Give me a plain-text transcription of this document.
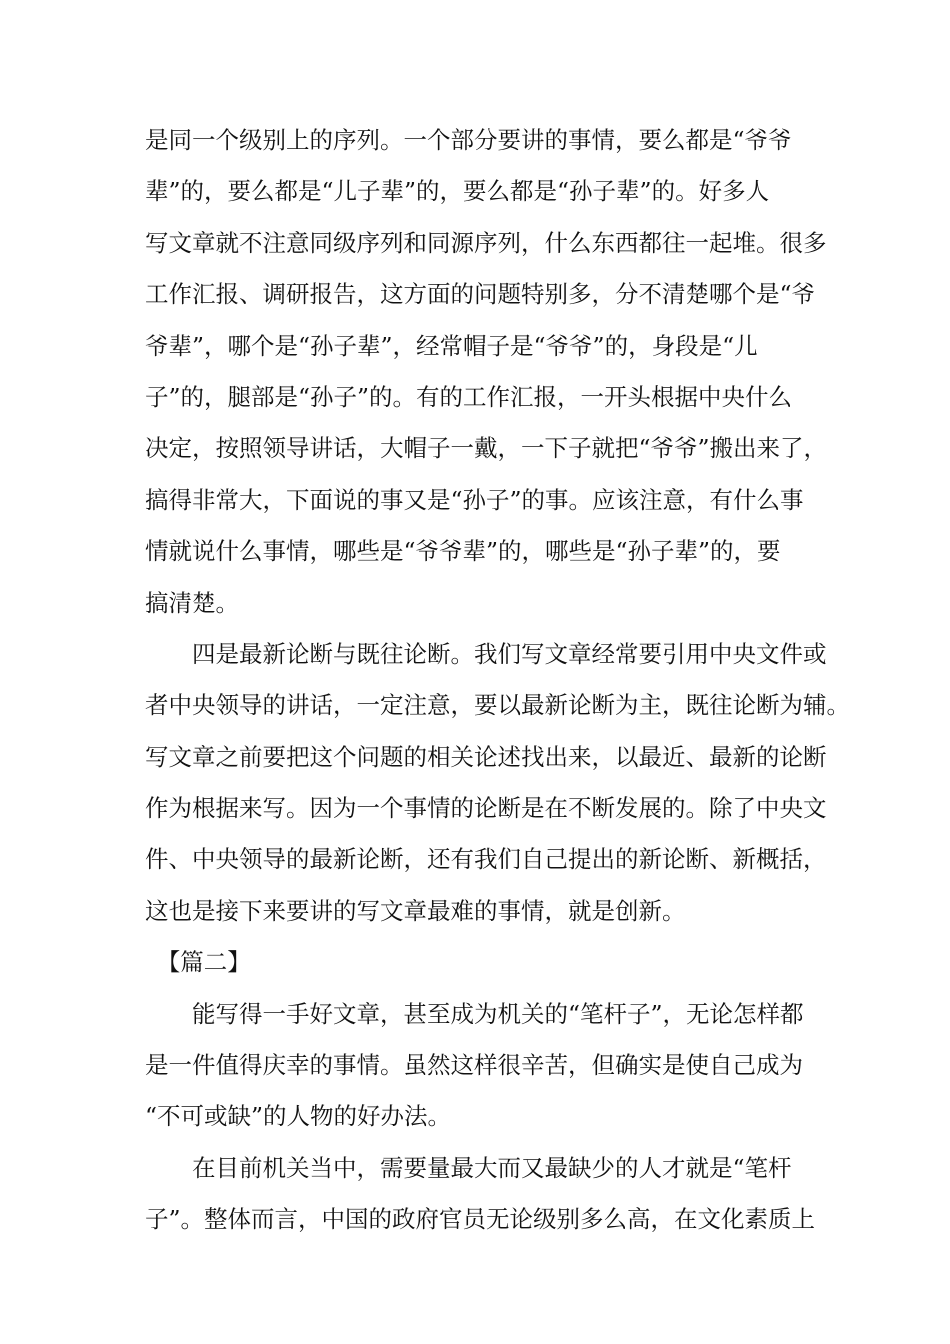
是同一个级别上的序列。一个部分要讲的事情，要么都是“爷爷
辈”的，要么都是“儿子辈”的，要么都是“孙子辈”的。好多人
写文章就不注意同级序列和同源序列，什么东西都往一起堆。很多
工作汇报、调研报告，这方面的问题特别多，分不清楚哪个是“爷
爷辈”，哪个是“孙子辈”，经常帽子是“爷爷”的，身段是“儿
子”的，腿部是“孙子”的。有的工作汇报，一开头根据中央什么
决定，按照领导讲话，大帽子一戴，一下子就把“爷爷”搬出来了，
搞得非常大，下面说的事又是“孙子”的事。应该注意，有什么事
情就说什么事情，哪些是“爷爷辈”的，哪些是“孙子辈”的，要
搞清楚。
　　四是最新论断与既往论断。我们写文章经常要引用中央文件或
者中央领导的讲话，一定注意，要以最新论断为主，既往论断为辅。
写文章之前要把这个问题的相关论述找出来，以最近、最新的论断
作为根据来写。因为一个事情的论断是在不断发展的。除了中央文
件、中央领导的最新论断，还有我们自己提出的新论断、新概括，
这也是接下来要讲的写文章最难的事情，就是创新。
　【篇二】
　　能写得一手好文章，甚至成为机关的“笔杆子”，无论怎样都
是一件值得庆幸的事情。虽然这样很辛苦，但确实是使自己成为
“不可或缺”的人物的好办法。
　　在目前机关当中，需要量最大而又最缺少的人才就是“笔杆
子”。整体而言，中国的政府官员无论级别多么高，在文化素质上
